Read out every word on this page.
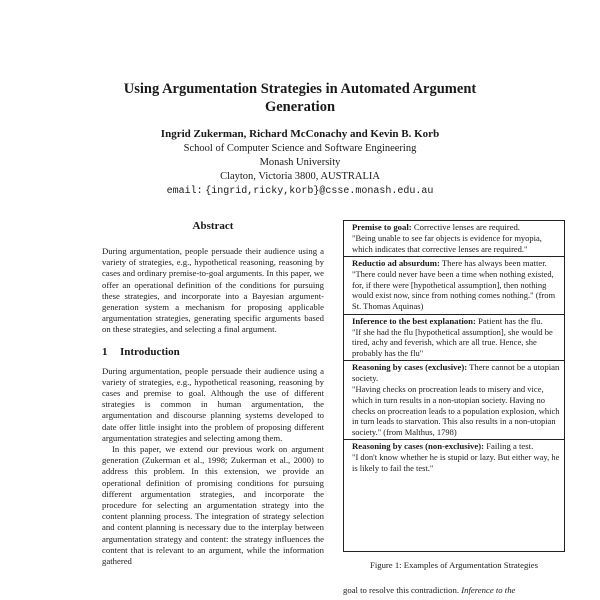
Using Argumentation Strategies in Automated Argument Generation
Ingrid Zukerman, Richard McConachy and Kevin B. Korb
School of Computer Science and Software Engineering
Monash University
Clayton, Victoria 3800, AUSTRALIA
email: {ingrid,ricky,korb}@csse.monash.edu.au
Abstract

During argumentation, people persuade their audience using a variety of strategies, e.g., hypothetical reasoning, reasoning by cases and ordinary premise-to-goal arguments. In this paper, we offer an operational definition of the conditions for pursuing these strategies, and incorporate into a Bayesian argument-generation system a mechanism for proposing applicable argumentation strategies, generating specific arguments based on these strategies, and selecting a final argument.

1 Introduction

During argumentation, people persuade their audience using a variety of strategies, e.g., hypothetical reasoning, reasoning by cases and premise to goal. Although the use of different strategies is common in human argumentation, the argumentation and discourse planning systems developed to date offer little insight into the problem of proposing different argumentation strategies and selecting among them.

In this paper, we extend our previous work on argument generation (Zukerman et al., 1998; Zukerman et al., 2000) to address this problem. In this extension, we provide an operational definition of promising conditions for pursuing different argumentation strategies, and incorporate the procedure for selecting an argumentation strategy into the content planning process. The integration of strategy selection and content planning is necessary due to the interplay between argumentation strategy and content: the strategy influences the content that is relevant to an argument, while the information gathered

Premise to goal: Corrective lenses are required.
"Being unable to see far objects is evidence for myopia, which indicates that corrective lenses are required."
Reductio ad absurdum: There has always been matter.
"There could never have been a time when nothing existed, for, if there were [hypothetical assumption], then nothing would exist now, since from nothing comes nothing." (from St. Thomas Aquinas)
Inference to the best explanation: Patient has the flu.
"If she had the flu [hypothetical assumption], she would be tired, achy and feverish, which are all true. Hence, she probably has the flu"
Reasoning by cases (exclusive): There cannot be a utopian society.
"Having checks on procreation leads to misery and vice, which in turn results in a non-utopian society. Having no checks on procreation leads to a population explosion, which in turn leads to starvation. This also results in a non-utopian society." (from Malthus, 1798)
Reasoning by cases (non-exclusive): Failing a test.
"I don't know whether he is stupid or lazy. But either way, he is likely to fail the test."
Figure 1: Examples of Argumentation Strategies
goal to resolve this contradiction. Inference to the
